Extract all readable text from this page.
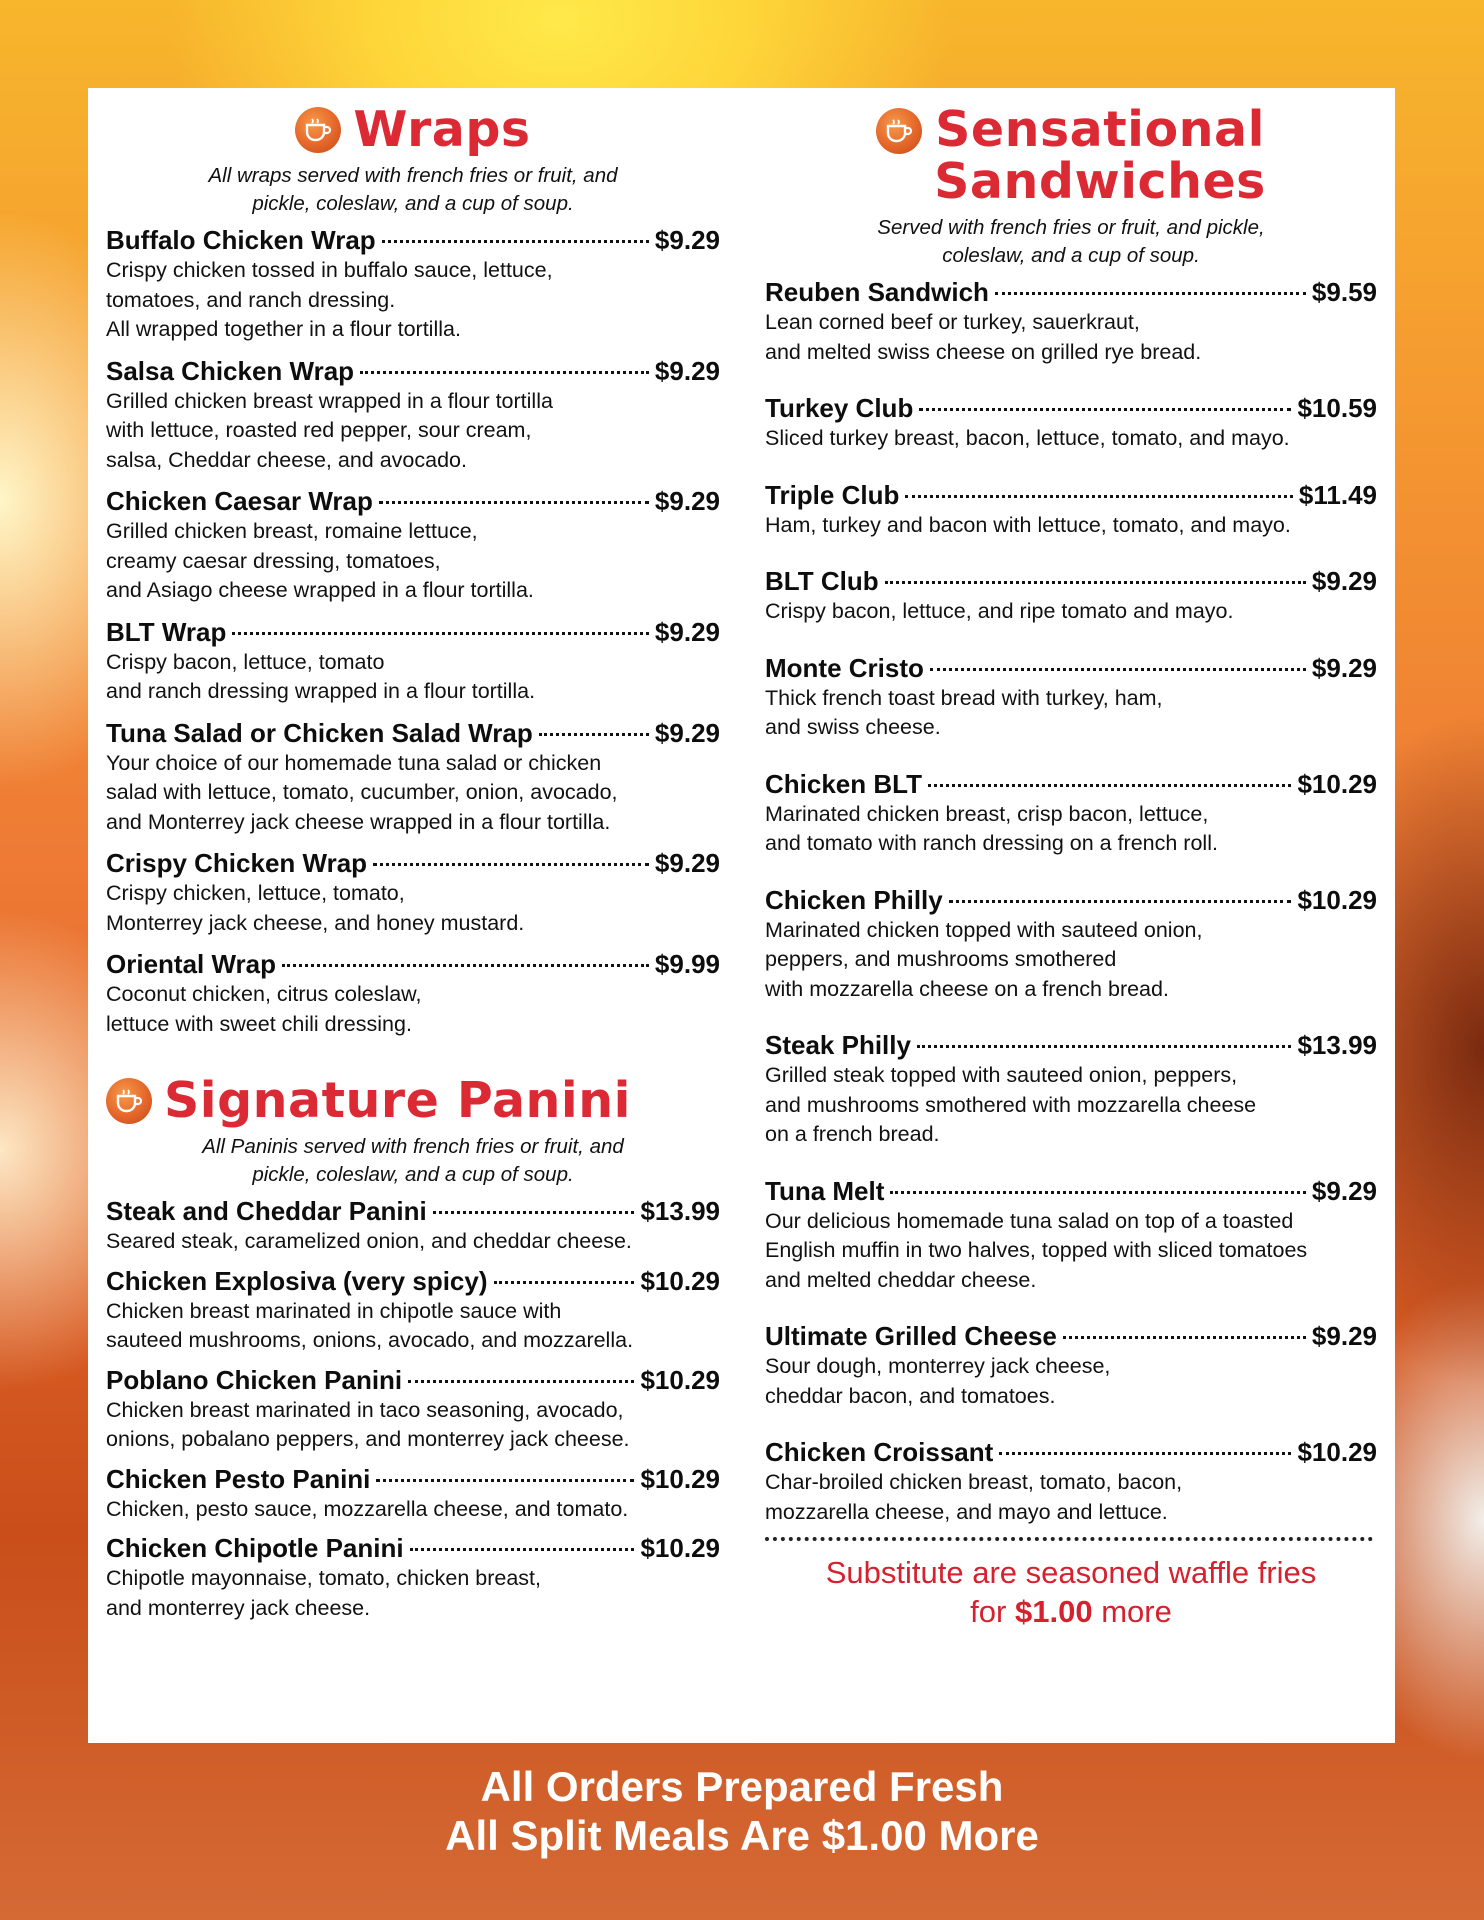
Wraps
All wraps served with french fries or fruit, and pickle, coleslaw, and a cup of soup.
Buffalo Chicken Wrap	$9.29
Crispy chicken tossed in buffalo sauce, lettuce,
tomatoes, and ranch dressing.
All wrapped together in a flour tortilla.
Salsa Chicken Wrap	$9.29
Grilled chicken breast wrapped in a flour tortilla
with lettuce, roasted red pepper, sour cream,
salsa, Cheddar cheese, and avocado.
Chicken Caesar Wrap	$9.29
Grilled chicken breast, romaine lettuce,
creamy caesar dressing, tomatoes,
and Asiago cheese wrapped in a flour tortilla.
BLT Wrap	$9.29
Crispy bacon, lettuce, tomato
and ranch dressing wrapped in a flour tortilla.
Tuna Salad or Chicken Salad Wrap	$9.29
Your choice of our homemade tuna salad or chicken
salad with lettuce, tomato, cucumber, onion, avocado,
and Monterrey jack cheese wrapped in a flour tortilla.
Crispy Chicken Wrap	$9.29
Crispy chicken, lettuce, tomato,
Monterrey jack cheese, and honey mustard.
Oriental Wrap	$9.99
Coconut chicken, citrus coleslaw,
lettuce with sweet chili dressing.
Signature Panini
All Paninis served with french fries or fruit, and pickle, coleslaw, and a cup of soup.
Steak and Cheddar Panini	$13.99
Seared steak, caramelized onion, and cheddar cheese.
Chicken Explosiva (very spicy)	$10.29
Chicken breast marinated in chipotle sauce with
sauteed mushrooms, onions, avocado, and mozzarella.
Poblano Chicken Panini	$10.29
Chicken breast marinated in taco seasoning, avocado,
onions, pobalano peppers, and monterrey jack cheese.
Chicken Pesto Panini	$10.29
Chicken, pesto sauce, mozzarella cheese, and tomato.
Chicken Chipotle Panini	$10.29
Chipotle mayonnaise, tomato, chicken breast,
and monterrey jack cheese.
Sensational
Sandwiches
Served with french fries or fruit, and pickle, coleslaw, and a cup of soup.
Reuben Sandwich	$9.59
Lean corned beef or turkey, sauerkraut,
and melted swiss cheese on grilled rye bread.
Turkey Club	$10.59
Sliced turkey breast, bacon, lettuce, tomato, and mayo.
Triple Club	$11.49
Ham, turkey and bacon with lettuce, tomato, and mayo.
BLT Club	$9.29
Crispy bacon, lettuce, and ripe tomato and mayo.
Monte Cristo	$9.29
Thick french toast bread with turkey, ham,
and swiss cheese.
Chicken BLT	$10.29
Marinated chicken breast, crisp bacon, lettuce,
and tomato with ranch dressing on a french roll.
Chicken Philly	$10.29
Marinated chicken topped with sauteed onion,
peppers, and mushrooms smothered
with mozzarella cheese on a french bread.
Steak Philly	$13.99
Grilled steak topped with sauteed onion, peppers,
and mushrooms smothered with mozzarella cheese
on a french bread.
Tuna Melt	$9.29
Our delicious homemade tuna salad on top of a toasted
English muffin in two halves, topped with sliced tomatoes
and melted cheddar cheese.
Ultimate Grilled Cheese	$9.29
Sour dough, monterrey jack cheese,
cheddar bacon, and tomatoes.
Chicken Croissant	$10.29
Char-broiled chicken breast, tomato, bacon,
mozzarella cheese, and mayo and lettuce.
Substitute are seasoned waffle fries
for $1.00 more
All Orders Prepared Fresh
All Split Meals Are $1.00 More
